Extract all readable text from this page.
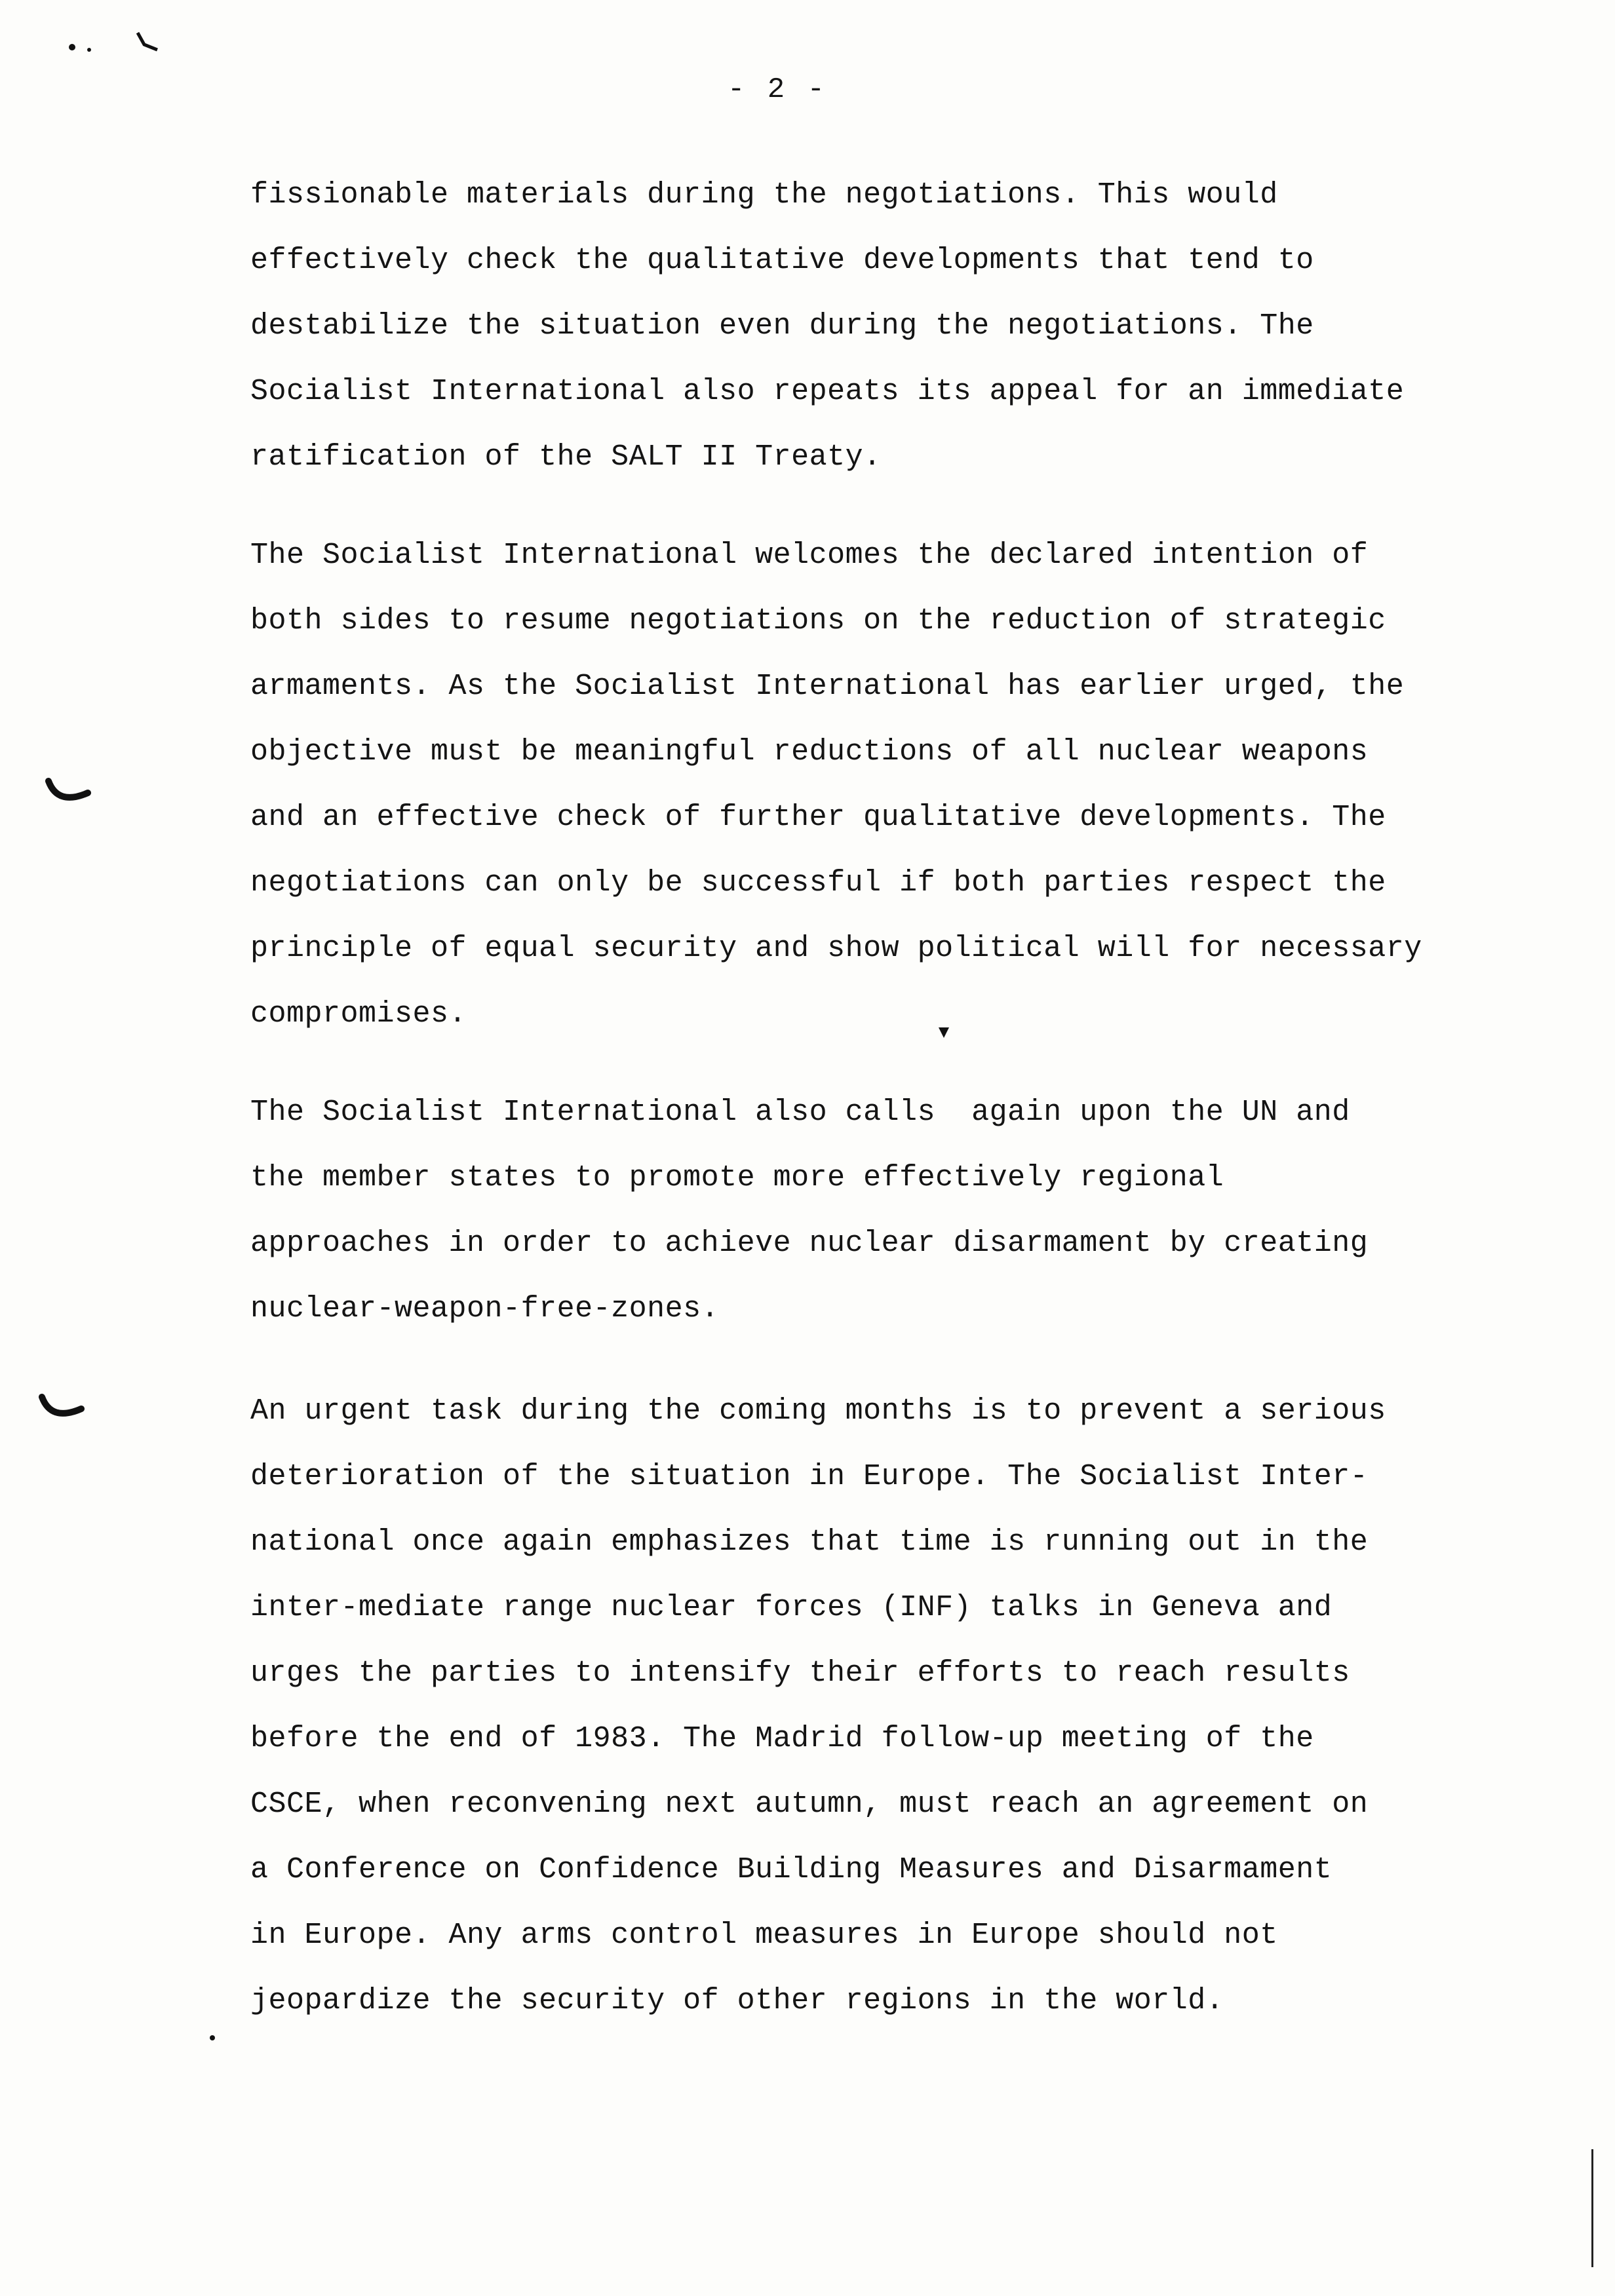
- 2 -
fissionable materials during the negotiations. This would
effectively check the qualitative developments that tend to
destabilize the situation even during the negotiations. The
Socialist International also repeats its appeal for an immediate
ratification of the SALT II Treaty.
The Socialist International welcomes the declared intention of
both sides to resume negotiations on the reduction of strategic
armaments. As the Socialist International has earlier urged, the
objective must be meaningful reductions of all nuclear weapons
and an effective check of further qualitative developments. The
negotiations can only be successful if both parties respect the
principle of equal security and show political will for necessary
compromises.
The Socialist International also calls  again upon the UN and
the member states to promote more effectively regional
approaches in order to achieve nuclear disarmament by creating
nuclear-weapon-free-zones.
An urgent task during the coming months is to prevent a serious
deterioration of the situation in Europe. The Socialist Inter-
national once again emphasizes that time is running out in the
inter-mediate range nuclear forces (INF) talks in Geneva and
urges the parties to intensify their efforts to reach results
before the end of 1983. The Madrid follow-up meeting of the
CSCE, when reconvening next autumn, must reach an agreement on
a Conference on Confidence Building Measures and Disarmament
in Europe. Any arms control measures in Europe should not
jeopardize the security of other regions in the world.
